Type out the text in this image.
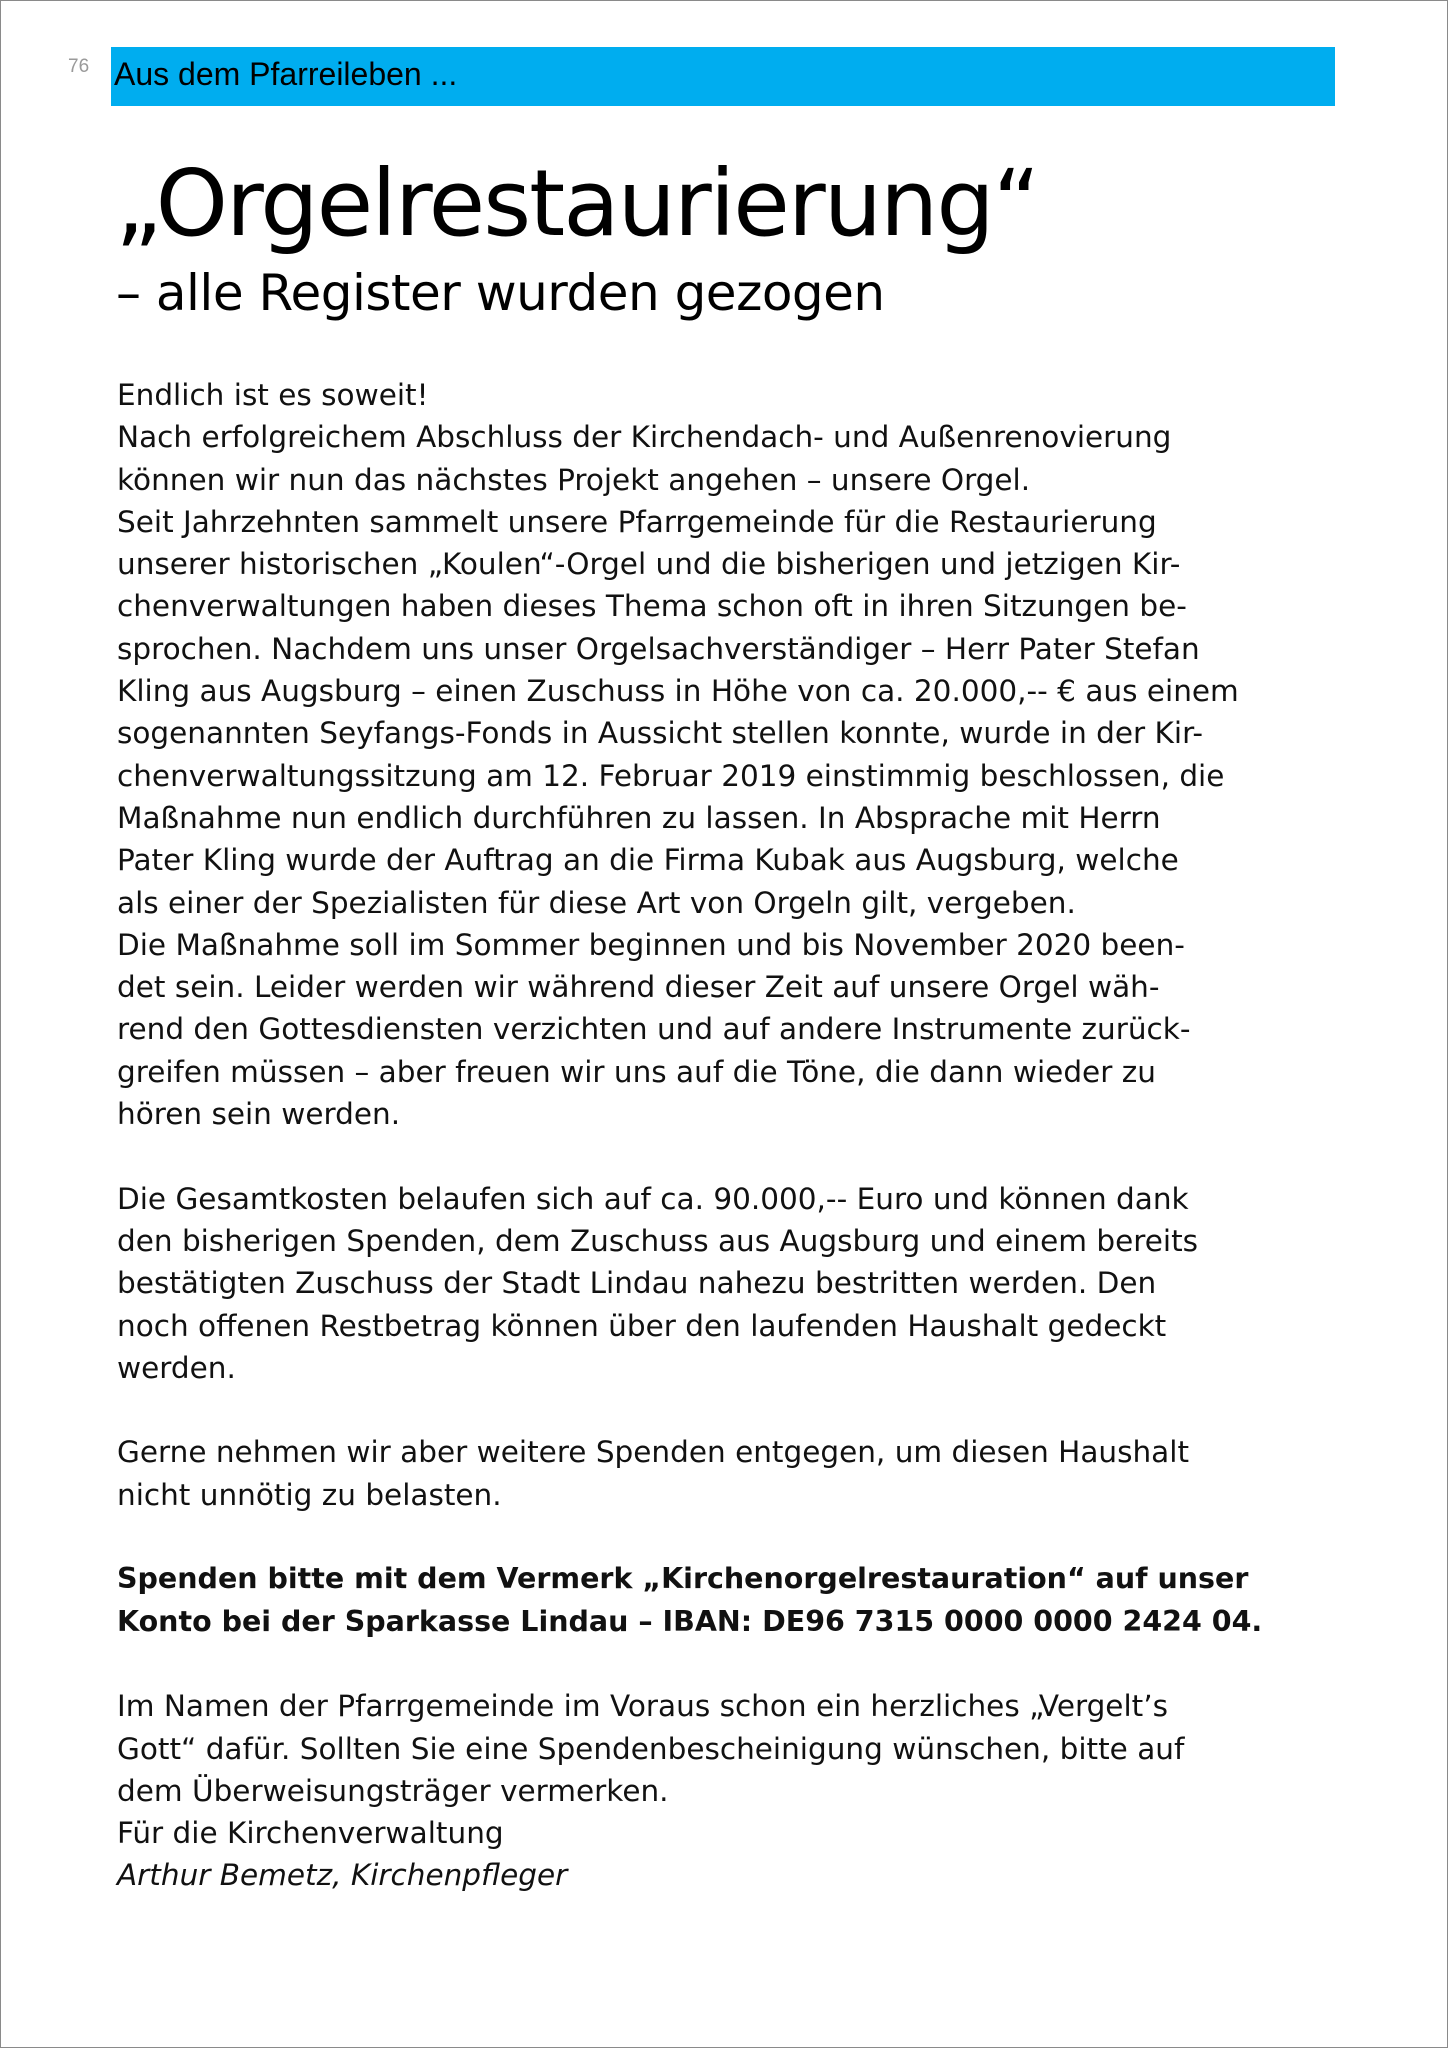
76 Aus dem Pfarreileben ...
„Orgelrestaurierung“
– alle Register wurden gezogen
Endlich ist es soweit!
Nach erfolgreichem Abschluss der Kirchendach- und Außenrenovierung
können wir nun das nächstes Projekt angehen – unsere Orgel.
Seit Jahrzehnten sammelt unsere Pfarrgemeinde für die Restaurierung
unserer historischen „Koulen“-Orgel und die bisherigen und jetzigen Kir-
chenverwaltungen haben dieses Thema schon oft in ihren Sitzungen be-
sprochen. Nachdem uns unser Orgelsachverständiger – Herr Pater Stefan
Kling aus Augsburg – einen Zuschuss in Höhe von ca. 20.000,-- € aus einem
sogenannten Seyfangs-Fonds in Aussicht stellen konnte, wurde in der Kir-
chenverwaltungssitzung am 12. Februar 2019 einstimmig beschlossen, die
Maßnahme nun endlich durchführen zu lassen. In Absprache mit Herrn
Pater Kling wurde der Auftrag an die Firma Kubak aus Augsburg, welche
als einer der Spezialisten für diese Art von Orgeln gilt, vergeben.
Die Maßnahme soll im Sommer beginnen und bis November 2020 been-
det sein. Leider werden wir während dieser Zeit auf unsere Orgel wäh-
rend den Gottesdiensten verzichten und auf andere Instrumente zurück-
greifen müssen – aber freuen wir uns auf die Töne, die dann wieder zu
hören sein werden.
Die Gesamtkosten belaufen sich auf ca. 90.000,-- Euro und können dank
den bisherigen Spenden, dem Zuschuss aus Augsburg und einem bereits
bestätigten Zuschuss der Stadt Lindau nahezu bestritten werden. Den
noch offenen Restbetrag können über den laufenden Haushalt gedeckt
werden.
Gerne nehmen wir aber weitere Spenden entgegen, um diesen Haushalt
nicht unnötig zu belasten.
Spenden bitte mit dem Vermerk „Kirchenorgelrestauration“ auf unser
Konto bei der Sparkasse Lindau – IBAN: DE96 7315 0000 0000 2424 04.
Im Namen der Pfarrgemeinde im Voraus schon ein herzliches „Vergelt’s
Gott“ dafür. Sollten Sie eine Spendenbescheinigung wünschen, bitte auf
dem Überweisungsträger vermerken.
Für die Kirchenverwaltung
Arthur Bemetz, Kirchenpfleger
